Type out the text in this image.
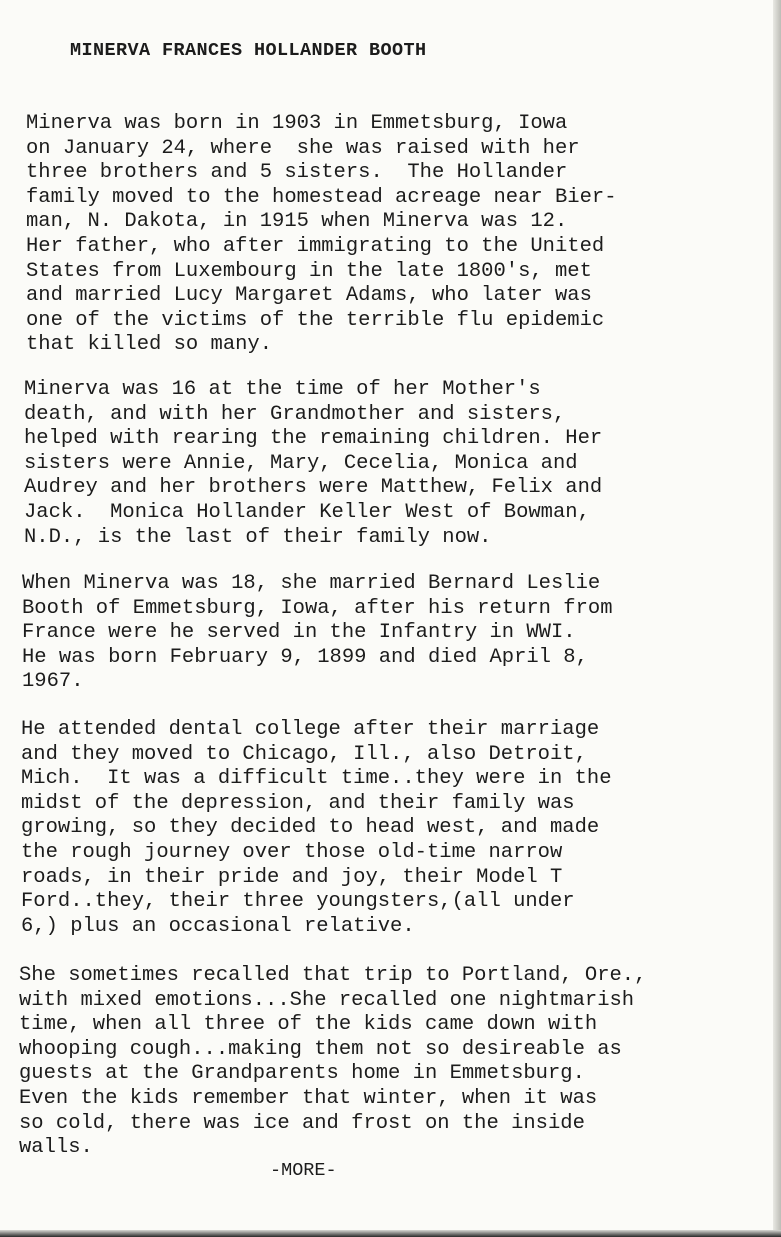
MINERVA FRANCES HOLLANDER BOOTH

Minerva was born in 1903 in Emmetsburg, Iowa
on January 24, where  she was raised with her
three brothers and 5 sisters.  The Hollander
family moved to the homestead acreage near Bier-
man, N. Dakota, in 1915 when Minerva was 12.
Her father, who after immigrating to the United
States from Luxembourg in the late 1800's, met
and married Lucy Margaret Adams, who later was
one of the victims of the terrible flu epidemic
that killed so many.

Minerva was 16 at the time of her Mother's
death, and with her Grandmother and sisters,
helped with rearing the remaining children. Her
sisters were Annie, Mary, Cecelia, Monica and
Audrey and her brothers were Matthew, Felix and
Jack.  Monica Hollander Keller West of Bowman,
N.D., is the last of their family now.

When Minerva was 18, she married Bernard Leslie
Booth of Emmetsburg, Iowa, after his return from
France were he served in the Infantry in WWI.
He was born February 9, 1899 and died April 8,
1967.

He attended dental college after their marriage
and they moved to Chicago, Ill., also Detroit,
Mich.  It was a difficult time..they were in the
midst of the depression, and their family was
growing, so they decided to head west, and made
the rough journey over those old-time narrow
roads, in their pride and joy, their Model T
Ford..they, their three youngsters,(all under
6,) plus an occasional relative.

She sometimes recalled that trip to Portland, Ore.,
with mixed emotions...She recalled one nightmarish
time, when all three of the kids came down with
whooping cough...making them not so desireable as
guests at the Grandparents home in Emmetsburg.
Even the kids remember that winter, when it was
so cold, there was ice and frost on the inside
walls.

-MORE-
